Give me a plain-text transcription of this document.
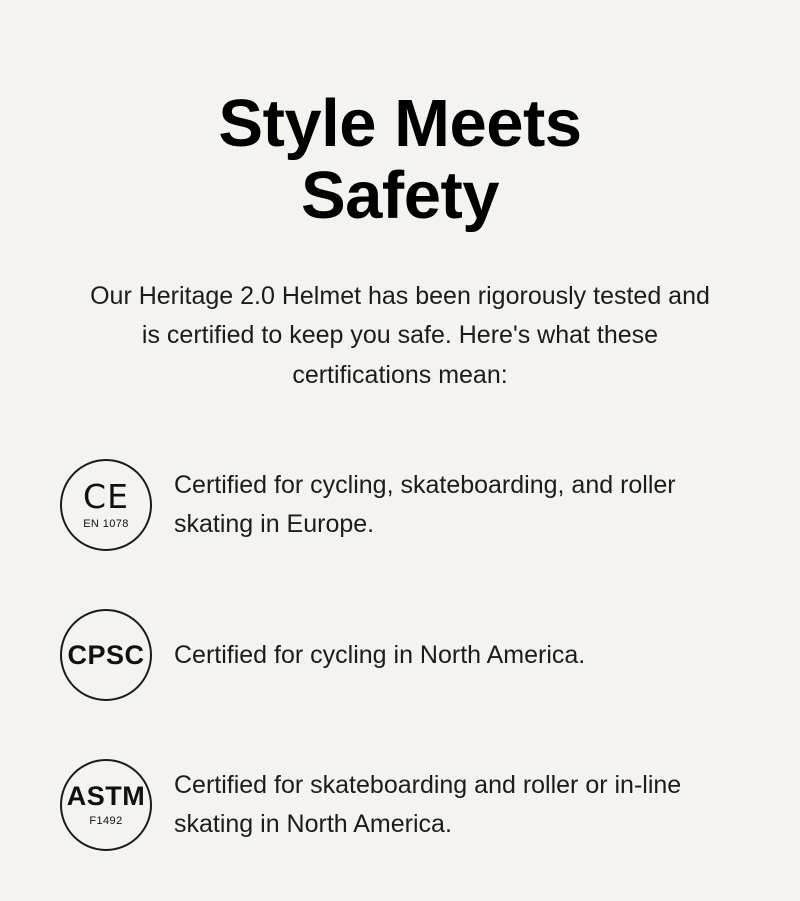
Style Meets Safety

Our Heritage 2.0 Helmet has been rigorously tested and is certified to keep you safe. Here's what these certifications mean:

CE
EN 1078
Certified for cycling, skateboarding, and roller skating in Europe.
CPSC Certified for cycling in North America.
ASTM
F1492
Certified for skateboarding and roller or in-line skating in North America.
